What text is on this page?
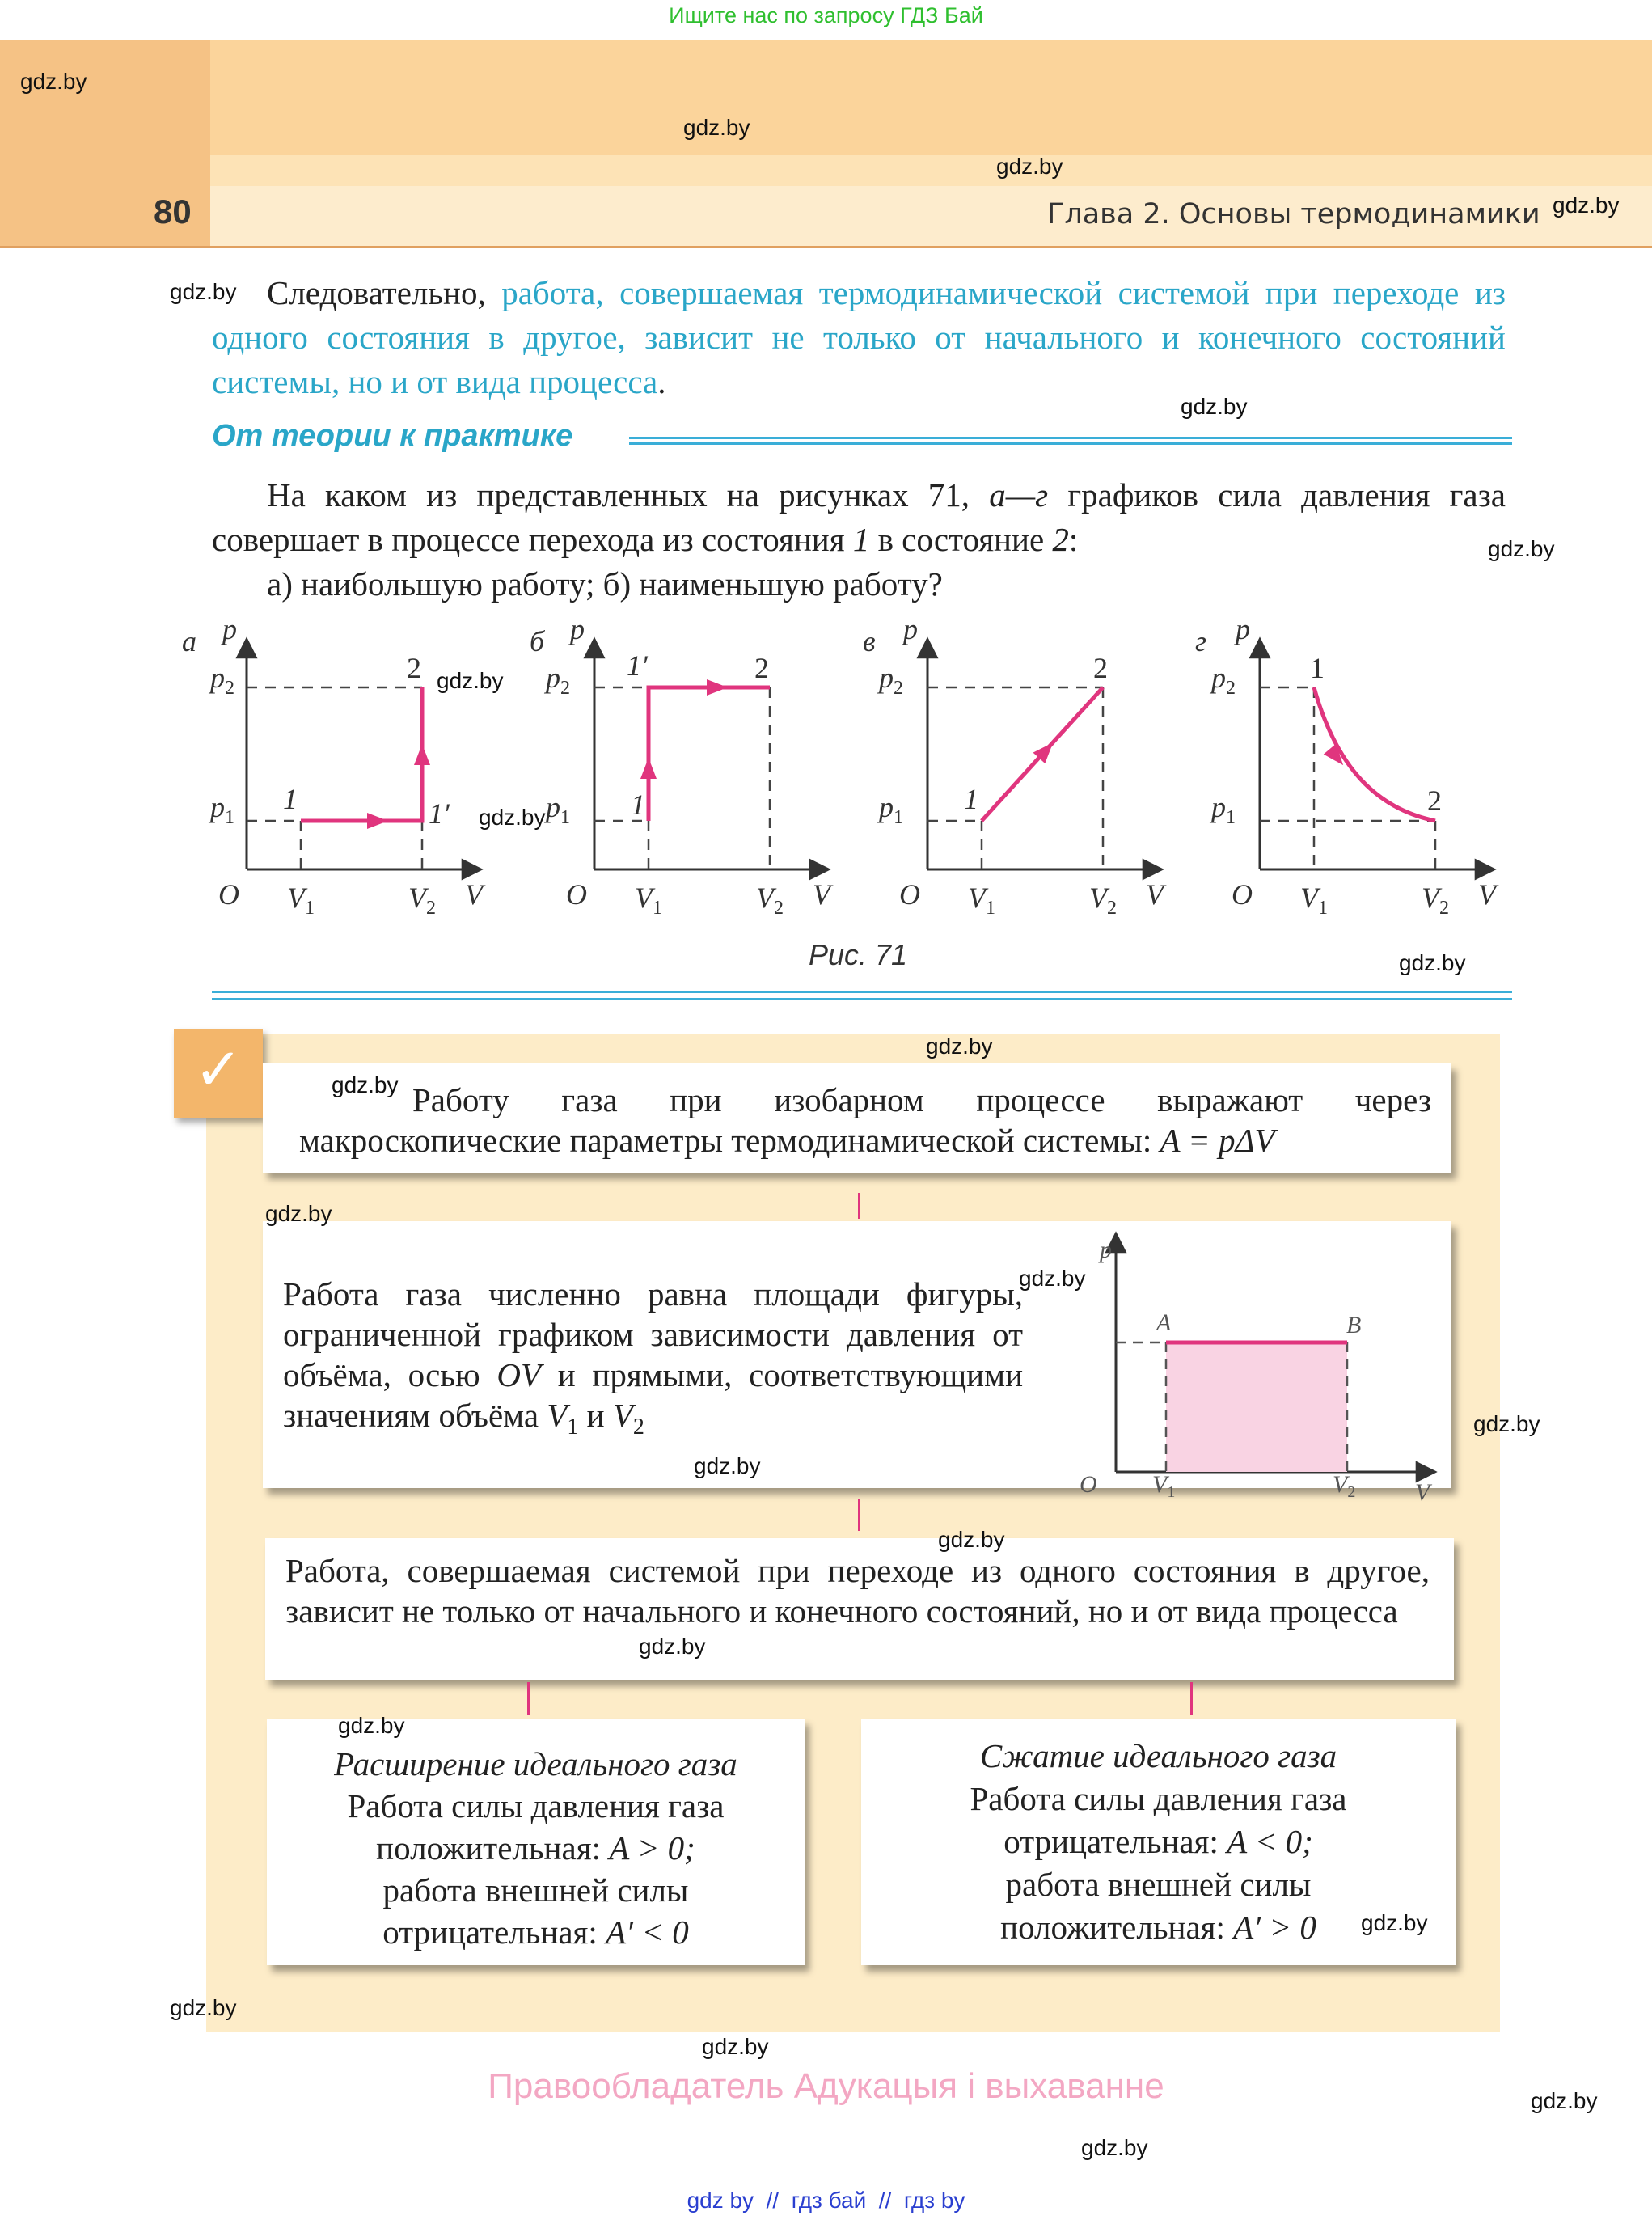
Ищите нас по запросу ГДЗ Бай
80	Глава 2. Основы термодинамики
Следовательно, работа, совершаемая термодинамической системой при переходе из одного состояния в другое, зависит не только от начального и конечного состояний системы, но и от вида процесса.
От теории к практике
На каком из представленных на рисунках 71, а—г графиков сила давления газа совершает в процессе перехода из состояния 1 в состояние 2:
а) наибольшую работу; б) наименьшую работу?
а p
V
O
$p_1$
$p_2$
$V_1$	$V_2$
1	1′
2
б p
V
O
$p_1$
$p_2$
$V_1$	$V_2$
1
1′	2
в p
V
O
$p_1$
$p_2$
$V_1$	$V_2$
1
2
г p
V
O
$p_1$
$p_2$
$V_1$	$V_2$
1
2
Рис. 71
✓	Работу газа при изобарном процессе выражают через макроскопические параметры термодинамической системы: A = pΔV
Работа газа численно равна площади фигуры, ограниченной графиком зависимости давления от объёма, осью OV и прямыми, соответствующими значениям объёма $V_1$ и $V_2$
p
V
O
A	B
$V_1$	$V_2$
Работа, совершаемая системой при переходе из одного состояния в другое, зависит не только от начального и конечного состояний, но и от вида процесса
Расширение идеального газа
Работа силы давления газа
положительная: A > 0;
работа внешней силы
отрицательная: A′ < 0
Сжатие идеального газа
Работа силы давления газа
отрицательная: A < 0;
работа внешней силы
положительная: A′ > 0
Правообладатель Адукацыя і выхаванне
gdz by  //  гдз бай  //  гдз by
gdz.by
gdz.by
gdz.by
gdz.by
gdz.by
gdz.by
gdz.by
gdz.by
gdz.by
gdz.by
gdz.by
gdz.by
gdz.by
gdz.by
gdz.by
gdz.by
gdz.by
gdz.by
gdz.by
gdz.by
gdz.by
gdz.by
gdz.by
gdz.by
